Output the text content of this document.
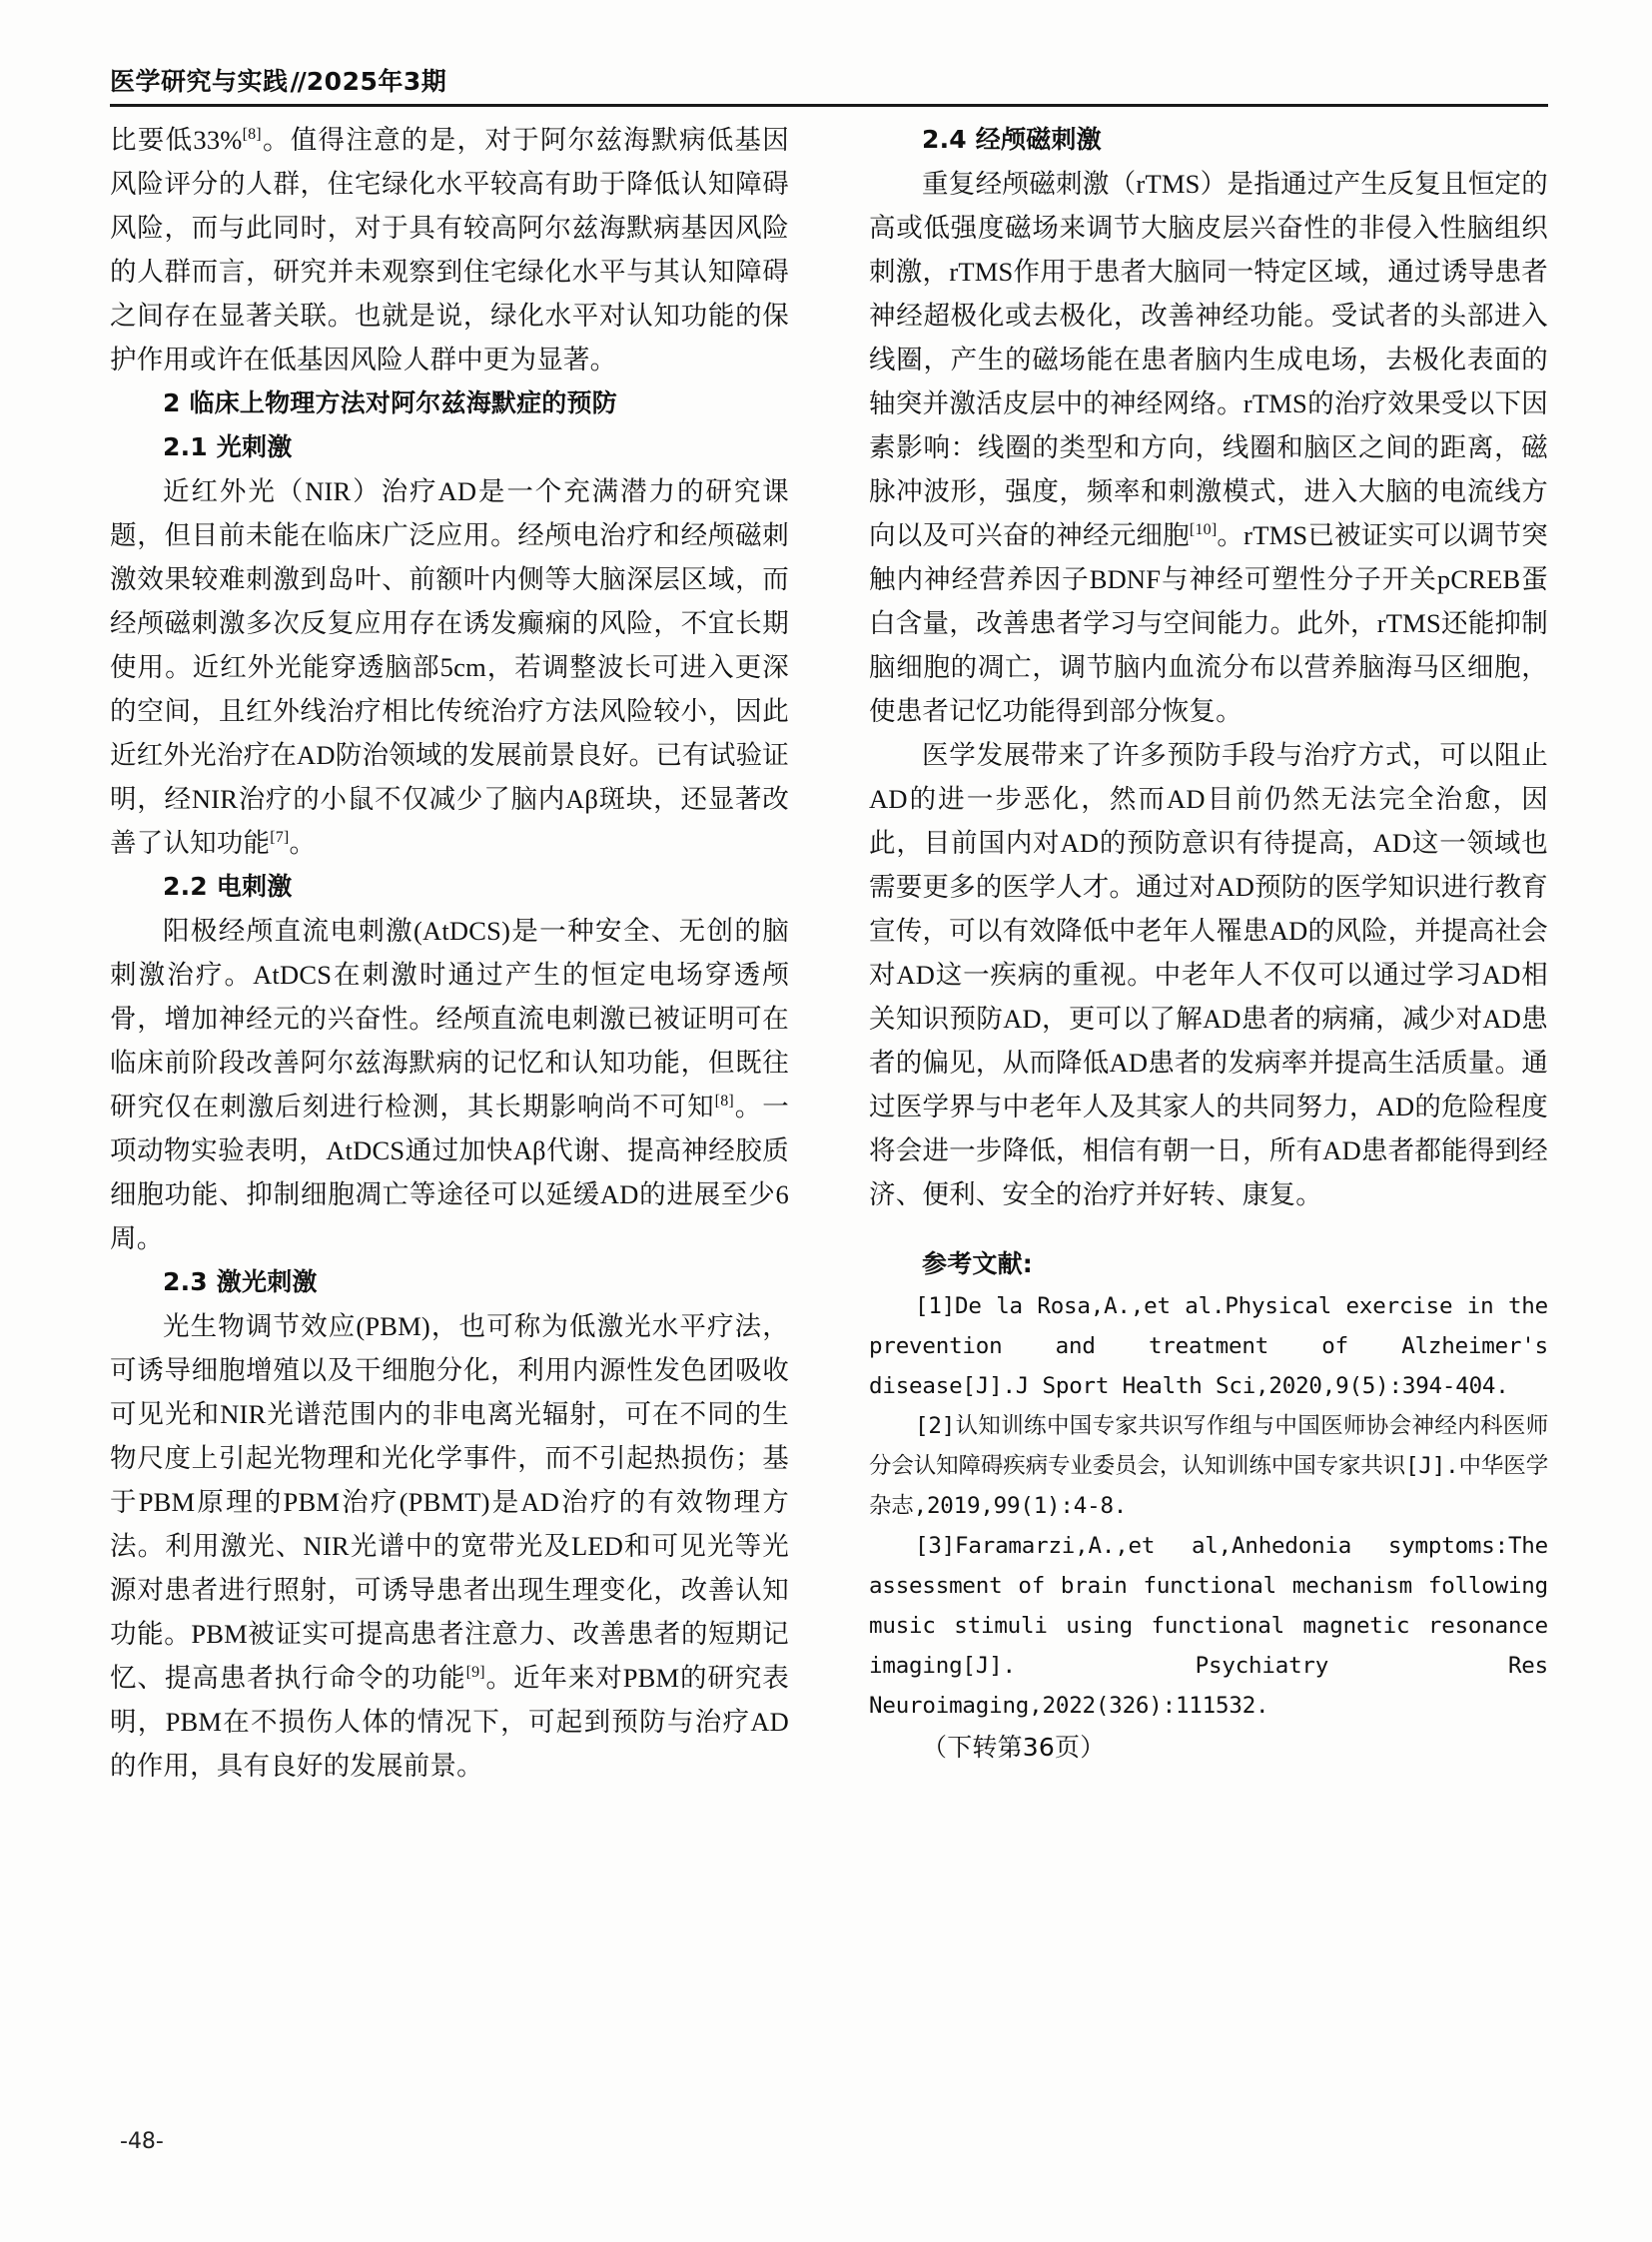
医学研究与实践//2025年3期

比要低33%[8]。值得注意的是，对于阿尔兹海默病低基因风险评分的人群，住宅绿化水平较高有助于降低认知障碍风险，而与此同时，对于具有较高阿尔兹海默病基因风险的人群而言，研究并未观察到住宅绿化水平与其认知障碍之间存在显著关联。也就是说，绿化水平对认知功能的保护作用或许在低基因风险人群中更为显著。

2 临床上物理方法对阿尔兹海默症的预防

2.1 光刺激

近红外光（NIR）治疗AD是一个充满潜力的研究课题，但目前未能在临床广泛应用。经颅电治疗和经颅磁刺激效果较难刺激到岛叶、前额叶内侧等大脑深层区域，而经颅磁刺激多次反复应用存在诱发癫痫的风险，不宜长期使用。近红外光能穿透脑部5cm，若调整波长可进入更深的空间，且红外线治疗相比传统治疗方法风险较小，因此近红外光治疗在AD防治领域的发展前景良好。已有试验证明，经NIR治疗的小鼠不仅减少了脑内Aβ斑块，还显著改善了认知功能[7]。

2.2 电刺激

阳极经颅直流电刺激(AtDCS)是一种安全、无创的脑刺激治疗。AtDCS在刺激时通过产生的恒定电场穿透颅骨，增加神经元的兴奋性。经颅直流电刺激已被证明可在临床前阶段改善阿尔兹海默病的记忆和认知功能，但既往研究仅在刺激后刻进行检测，其长期影响尚不可知[8]。一项动物实验表明，AtDCS通过加快Aβ代谢、提高神经胶质细胞功能、抑制细胞凋亡等途径可以延缓AD的进展至少6周。

2.3 激光刺激

光生物调节效应(PBM)，也可称为低激光水平疗法，可诱导细胞增殖以及干细胞分化，利用内源性发色团吸收可见光和NIR光谱范围内的非电离光辐射，可在不同的生物尺度上引起光物理和光化学事件，而不引起热损伤；基于PBM原理的PBM治疗(PBMT)是AD治疗的有效物理方法。利用激光、NIR光谱中的宽带光及LED和可见光等光源对患者进行照射，可诱导患者出现生理变化，改善认知功能。PBM被证实可提高患者注意力、改善患者的短期记忆、提高患者执行命令的功能[9]。近年来对PBM的研究表明，PBM在不损伤人体的情况下，可起到预防与治疗AD的作用，具有良好的发展前景。

2.4 经颅磁刺激

重复经颅磁刺激（rTMS）是指通过产生反复且恒定的高或低强度磁场来调节大脑皮层兴奋性的非侵入性脑组织刺激，rTMS作用于患者大脑同一特定区域，通过诱导患者神经超极化或去极化，改善神经功能。受试者的头部进入线圈，产生的磁场能在患者脑内生成电场，去极化表面的轴突并激活皮层中的神经网络。rTMS的治疗效果受以下因素影响：线圈的类型和方向，线圈和脑区之间的距离，磁脉冲波形，强度，频率和刺激模式，进入大脑的电流线方向以及可兴奋的神经元细胞[10]。rTMS已被证实可以调节突触内神经营养因子BDNF与神经可塑性分子开关pCREB蛋白含量，改善患者学习与空间能力。此外，rTMS还能抑制脑细胞的凋亡，调节脑内血流分布以营养脑海马区细胞，使患者记忆功能得到部分恢复。

医学发展带来了许多预防手段与治疗方式，可以阻止AD的进一步恶化，然而AD目前仍然无法完全治愈，因此，目前国内对AD的预防意识有待提高，AD这一领域也需要更多的医学人才。通过对AD预防的医学知识进行教育宣传，可以有效降低中老年人罹患AD的风险，并提高社会对AD这一疾病的重视。中老年人不仅可以通过学习AD相关知识预防AD，更可以了解AD患者的病痛，减少对AD患者的偏见，从而降低AD患者的发病率并提高生活质量。通过医学界与中老年人及其家人的共同努力，AD的危险程度将会进一步降低，相信有朝一日，所有AD患者都能得到经济、便利、安全的治疗并好转、康复。

参考文献:

[1]De la Rosa,A.,et al.Physical exercise in the prevention and treatment of Alzheimer's disease[J].J Sport Health Sci,2020,9(5):394-404.

[2]认知训练中国专家共识写作组与中国医师协会神经内科医师分会认知障碍疾病专业委员会，认知训练中国专家共识[J].中华医学杂志,2019,99(1):4-8.

[3]Faramarzi,A.,et al,Anhedonia symptoms:The assessment of brain functional mechanism following music stimuli using functional magnetic resonance imaging[J]. Psychiatry Res Neuroimaging,2022(326):111532.

（下转第36页）

-48-
